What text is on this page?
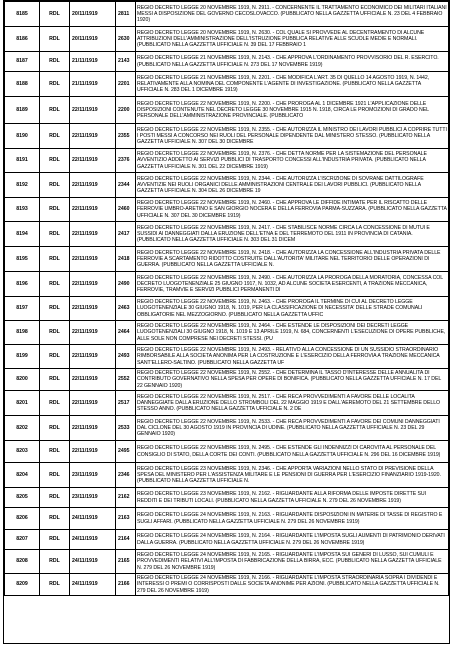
8185	RDL	20/11/1919	2811	REGIO DECRETO LEGGE 20 NOVEMBRE 1919, N. 2911. - CONCERNENTE IL TRATTAMENTO ECONOMICO DEI MILITARI ITALIANI MESSI A DISPOSIZIONE DEL GOVERNO CECOSLOVACCO. (PUBBLICATO NELLA GAZZETTA UFFICIALE N. 23 DEL 4 FEBBRAIO 1920)
8186	RDL	20/11/1919	2630	REGIO DECRETO LEGGE 20 NOVEMBRE 1919, N. 2630. - COL QUALE SI PROVVEDE AL DECENTRAMENTO DI ALCUNE ATTRIBUZIONI DELL'AMMINISTRAZIONE DELL'ISTRUZIONE PUBBLICA RELATIVE ALLE SCUOLE MEDIE E NORMALI. (PUBBLICATO NELLA GAZZETTA UFFICIALE N. 39 DEL 17 FEBBRAIO 1
8187	RDL	21/11/1919	2143	REGIO DECRETO LEGGE 21 NOVEMBRE 1919, N. 2143. - CHE APPROVA L'ORDINAMENTO PROVVISORIO DEL R. ESERCITO. (PUBBLICATO NELLA GAZZETTA UFFICIALE N. 273 DEL 17 NOVEMBRE 1919)
8188	RDL	21/11/1919	2201	REGIO DECRETO LEGGE 21 NOVEMBRE 1919, N. 2201. - CHE MODIFICA L'ART. 35 DI QUELLO 14 AGOSTO 1919, N. 1442, RELATIVAMENTE ALLA NOMINA DEL COMPONENTE L'AGENTE DI INVESTIGAZIONE. (PUBBLICATO NELLA GAZZETTA UFFICIALE N. 283 DEL 1 DICEMBRE 1919)
8189	RDL	22/11/1919	2200	REGIO DECRETO LEGGE 22 NOVEMBRE 1919, N. 2200. - CHE PROROGA AL 1 DICEMBRE 1921 L'APPLICAZIONE DELLE DISPOSIZIONI CONTENUTE NEL DECRETO LEGGE 30 NOVEMBRE 1915 N. 1918, CIRCA LE PROMOZIONI DI GRADO NEL PERSONALE DELL'AMMINISTRAZIONE PROVINCIALE. (PUBBLICATO
8190	RDL	22/11/1919	2355	REGIO DECRETO LEGGE 22 NOVEMBRE 1919, N. 2355. - CHE AUTORIZZA IL MINISTRO DEI LAVORI PUBBLICI A COPRIRE TUTTI I POSTI MESSI A CONCORSO NEI RUOLI DEL PERSONALE DIPENDENTE DAL MINISTERO STESSO. (PUBBLICATO NELLA GAZZETTA UFFICIALE N. 307 DEL 30 DICEMBRE
8191	RDL	22/11/1919	2376	REGIO DECRETO LEGGE 22 NOVEMBRE 1919, N. 2376. - CHE DETTA NORME PER LA SISTEMAZIONE DEL PERSONALE AVVENTIZIO ADDETTO AI SERVIZI PUBBLICI DI TRASPORTO CONCESSI ALL'INDUSTRIA PRIVATA. (PUBBLICATO NELLA GAZZETTA UFFICIALE N. 301 DEL 22 DICEMBRE 1919)
8192	RDL	22/11/1919	2344	REGIO DECRETO LEGGE 22 NOVEMBRE 1919, N. 2344. - CHE AUTORIZZA L'ISCRIZIONE DI SOVRANE DATTILOGRAFE AVVENTIZIE NEI RUOLI ORGANICI DELLE AMMINISTRAZIONI CENTRALE DEI LAVORI PUBBLICI. (PUBBLICATO NELLA GAZZETTA UFFICIALE N. 304 DEL 26 DICEMBRE 19
8193	RDL	22/11/1919	2460	REGIO DECRETO LEGGE 22 NOVEMBRE 1919, N. 2460. - CHE APPROVA LE DIFFIDE INTIMATE PER IL RISCATTO DELLE FERROVIE UMBRO-ARETINO E SAN GIORGIO NOCERA E DELLA FERROVIA PARMA-SUZZARA. (PUBBLICATO NELLA GAZZETTA UFFICIALE N. 307 DEL 30 DICEMBRE 1919)
8194	RDL	22/11/1919	2417	REGIO DECRETO LEGGE 22 NOVEMBRE 1919, N. 2417. - CHE STABILISCE NORME CIRCA LA CONCESSIONE DI MUTUI E SUSSIDI AI DANNEGGIATI DALLA ERUZIONE DELL'ETNA E DEL TERREMOTO DEL 1911 IN PROVINCIA DI CATANIA. (PUBBLICATO NELLA GAZZETTA UFFICIALE N. 303 DEL 31 DICEM
8195	RDL	22/11/1919	2418	REGIO DECRETO LEGGE 22 NOVEMBRE 1919, N. 2418. - CHE AUTORIZZA LA CONCESSIONE ALL'INDUSTRIA PRIVATA DELLE FERROVIE A SCARTAMENTO RIDOTTO COSTRUITE DALL'AUTORITA' MILITARE NEL TERRITORIO DELLE OPERAZIONI DI GUERRA. (PUBBLICATO NELLA GAZZETTA UFFICIALE N.
8196	RDL	22/11/1919	2490	REGIO DECRETO LEGGE 22 NOVEMBRE 1919, N. 2490. - CHE AUTORIZZA LA PROROGA DELLA MORATORIA, CONCESSA COL DECRETO LUOGOTENENZIALE 25 GIUGNO 1917, N. 1032, AD ALCUNE SOCIETA ESERCENTI, A TRAZIONE MECCANICA, FERROVIE, TRAMVIE E SERVIZI PUBBLICI PERMANENTI DI
8197	RDL	22/11/1919	2463	REGIO DECRETO LEGGE 22 NOVEMBRE 1919, N. 2463. - CHE PROROGA IL TERMINE DI CUI AL DECRETO LEGGE LUOGOTENENZIALE 30 GIUGNO 1918, N. 1019, PER LA CLASSIFICAZIONE DI NECESSITA' DELLE STRADE COMUNALI OBBLIGATORIE NEL MEZZOGIORNO. (PUBBLICATO NELLA GAZZETTA UFFIC
8198	RDL	22/11/1919	2464	REGIO DECRETO LEGGE 22 NOVEMBRE 1919, N. 2464. - CHE ESTENDE LE DISPOSIZIONI DEI DECRETI LEGGE LUOGOTENENZIALI 30 GIUGNO 1918, N. 1019 E 13 APRILE 1919, N. 684, CONCERNENTI L'ESECUZIONE DI OPERE PUBBLICHE, ALLE SOLE NON COMPRESE NEI DECRETI STESSI. (PU
8199	RDL	22/11/1919	2493	REGIO DECRETO LEGGE 22 NOVEMBRE 1919, N. 2493. - RELATIVO ALLA CONCESSIONE DI UN SUSSIDIO STRAORDINARIO RIMBORSABILE ALLA SOCIETA ANONIMA PER LA COSTRUZIONE E L'ESERCIZIO DELLA FERROVIA A TRAZIONE MECCANICA SANT'ELLERO-SALTINO. (PUBBLICATO NELLA GAZZETTA UF
8200	RDL	22/11/1919	2552	REGIO DECRETO LEGGE 22 NOVEMBRE 1919, N. 2552. - CHE DETERMINA IL TASSO D'INTERESSE DELLE ANNUALITA DI CONTRIBUTO GOVERNATIVO NELLA SPESA PER OPERE DI BONIFICA. (PUBBLICATO NELLA GAZZETTA UFFICIALE N. 17 DEL 22 GENNAIO 1920)
8201	RDL	22/11/1919	2517	REGIO DECRETO LEGGE 22 NOVEMBRE 1919, N. 2517. - CHE RECA PROVVEDIMENTI A FAVORE DELLE LOCALITA DANNEGGIATE DALLA ERUZIONE DELLO STROMBOLI DEL 22 MAGGIO 1919 E DALL'AEREMOTO DEL 21 SETTEMBRE DELLO STESSO ANNO. (PUBBLICATO NELLA GAZZETTA UFFICIALE N. 2 DE
8202	RDL	22/11/1919	2533	REGIO DECRETO LEGGE 22 NOVEMBRE 1919, N. 2533. - CHE RECA PROVVEDIMENTI A FAVORE DEI COMUNI DANNEGGIATI DAL CICLONE DEL 30 AGOSTO 1919 IN PROVINCIA DI UDINE. (PUBBLICATO NELLA GAZZETTA UFFICIALE N. 23 DEL 29 GENNAIO 1920)
8203	RDL	22/11/1919	2495	REGIO DECRETO LEGGE 22 NOVEMBRE 1919, N. 2495. - CHE ESTENDE GLI INDENNIZZI DI CAROVITA AL PERSONALE DEL CONSIGLIO DI STATO, DELLA CORTE DEI CONTI. (PUBBLICATO NELLA GAZZETTA UFFICIALE N. 296 DEL 16 DICEMBRE 1919)
8204	RDL	23/11/1919	2346	REGIO DECRETO LEGGE 23 NOVEMBRE 1919, N. 2346. - CHE APPORTA VARIAZIONI NELLO STATO DI PREVISIONE DELLA SPESA DEL MINISTERO PER L'ASSISTENZA MILITARE E LE PENSIONI DI GUERRA PER L'ESERCIZIO FINANZIARIO 1919-1920. (PUBBLICATO NELLA GAZZETTA UFFICIALE N.
8205	RDL	23/11/1919	2162	REGIO DECRETO LEGGE 23 NOVEMBRE 1919, N. 2162. - RIGUARDANTE ALLA RIFORMA DELLE IMPOSTE DIRETTE SUI REDDITI E DEI TRIBUTI LOCALI. (PUBBLICATO NELLA GAZZETTA UFFICIALE N. 279 DEL 26 NOVEMBRE 1919)
8206	RDL	24/11/1919	2163	REGIO DECRETO LEGGE 24 NOVEMBRE 1919, N. 2163. - RIGUARDANTE DISPOSIZIONI IN MATERIE DI TASSE DI REGISTRO E SUGLI AFFARI. (PUBBLICATO NELLA GAZZETTA UFFICIALE N. 279 DEL 26 NOVEMBRE 1919)
8207	RDL	24/11/1919	2164	REGIO DECRETO LEGGE 24 NOVEMBRE 1919, N. 2164. - RIGUARDANTE L'IMPOSTA SUGLI AUMENTI DI PATRIMONIO DERIVATI DALLA GUERRA. (PUBBLICATO NELLA GAZZETTA UFFICIALE N. 279 DEL 26 NOVEMBRE 1919)
8208	RDL	24/11/1919	2165	REGIO DECRETO LEGGE 24 NOVEMBRE 1919, N. 2165. - RIGUARDANTE L'IMPOSTA SUI GENERI DI LUSSO, SUI CUMULI E PROVVEDIMENTI RELATIVI ALL'IMPOSTA DI FABBRICAZIONE DELLA BIRRA, ECC. (PUBBLICATO NELLA GAZZETTA UFFICIALE N. 279 DEL 26 NOVEMBRE 1919)
8209	RDL	24/11/1919	2166	REGIO DECRETO LEGGE 24 NOVEMBRE 1919, N. 2166. - RIGUARDANTE L'IMPOSTA STRAORDINARIA SOPRA I DIVIDENDI E INTERESSI O PREMI O CORRISPOSTI DALLE SOCIETA ANONIME PER AZIONI. (PUBBLICATO NELLA GAZZETTA UFFICIALE N. 279 DEL 26 NOVEMBRE 1919)
